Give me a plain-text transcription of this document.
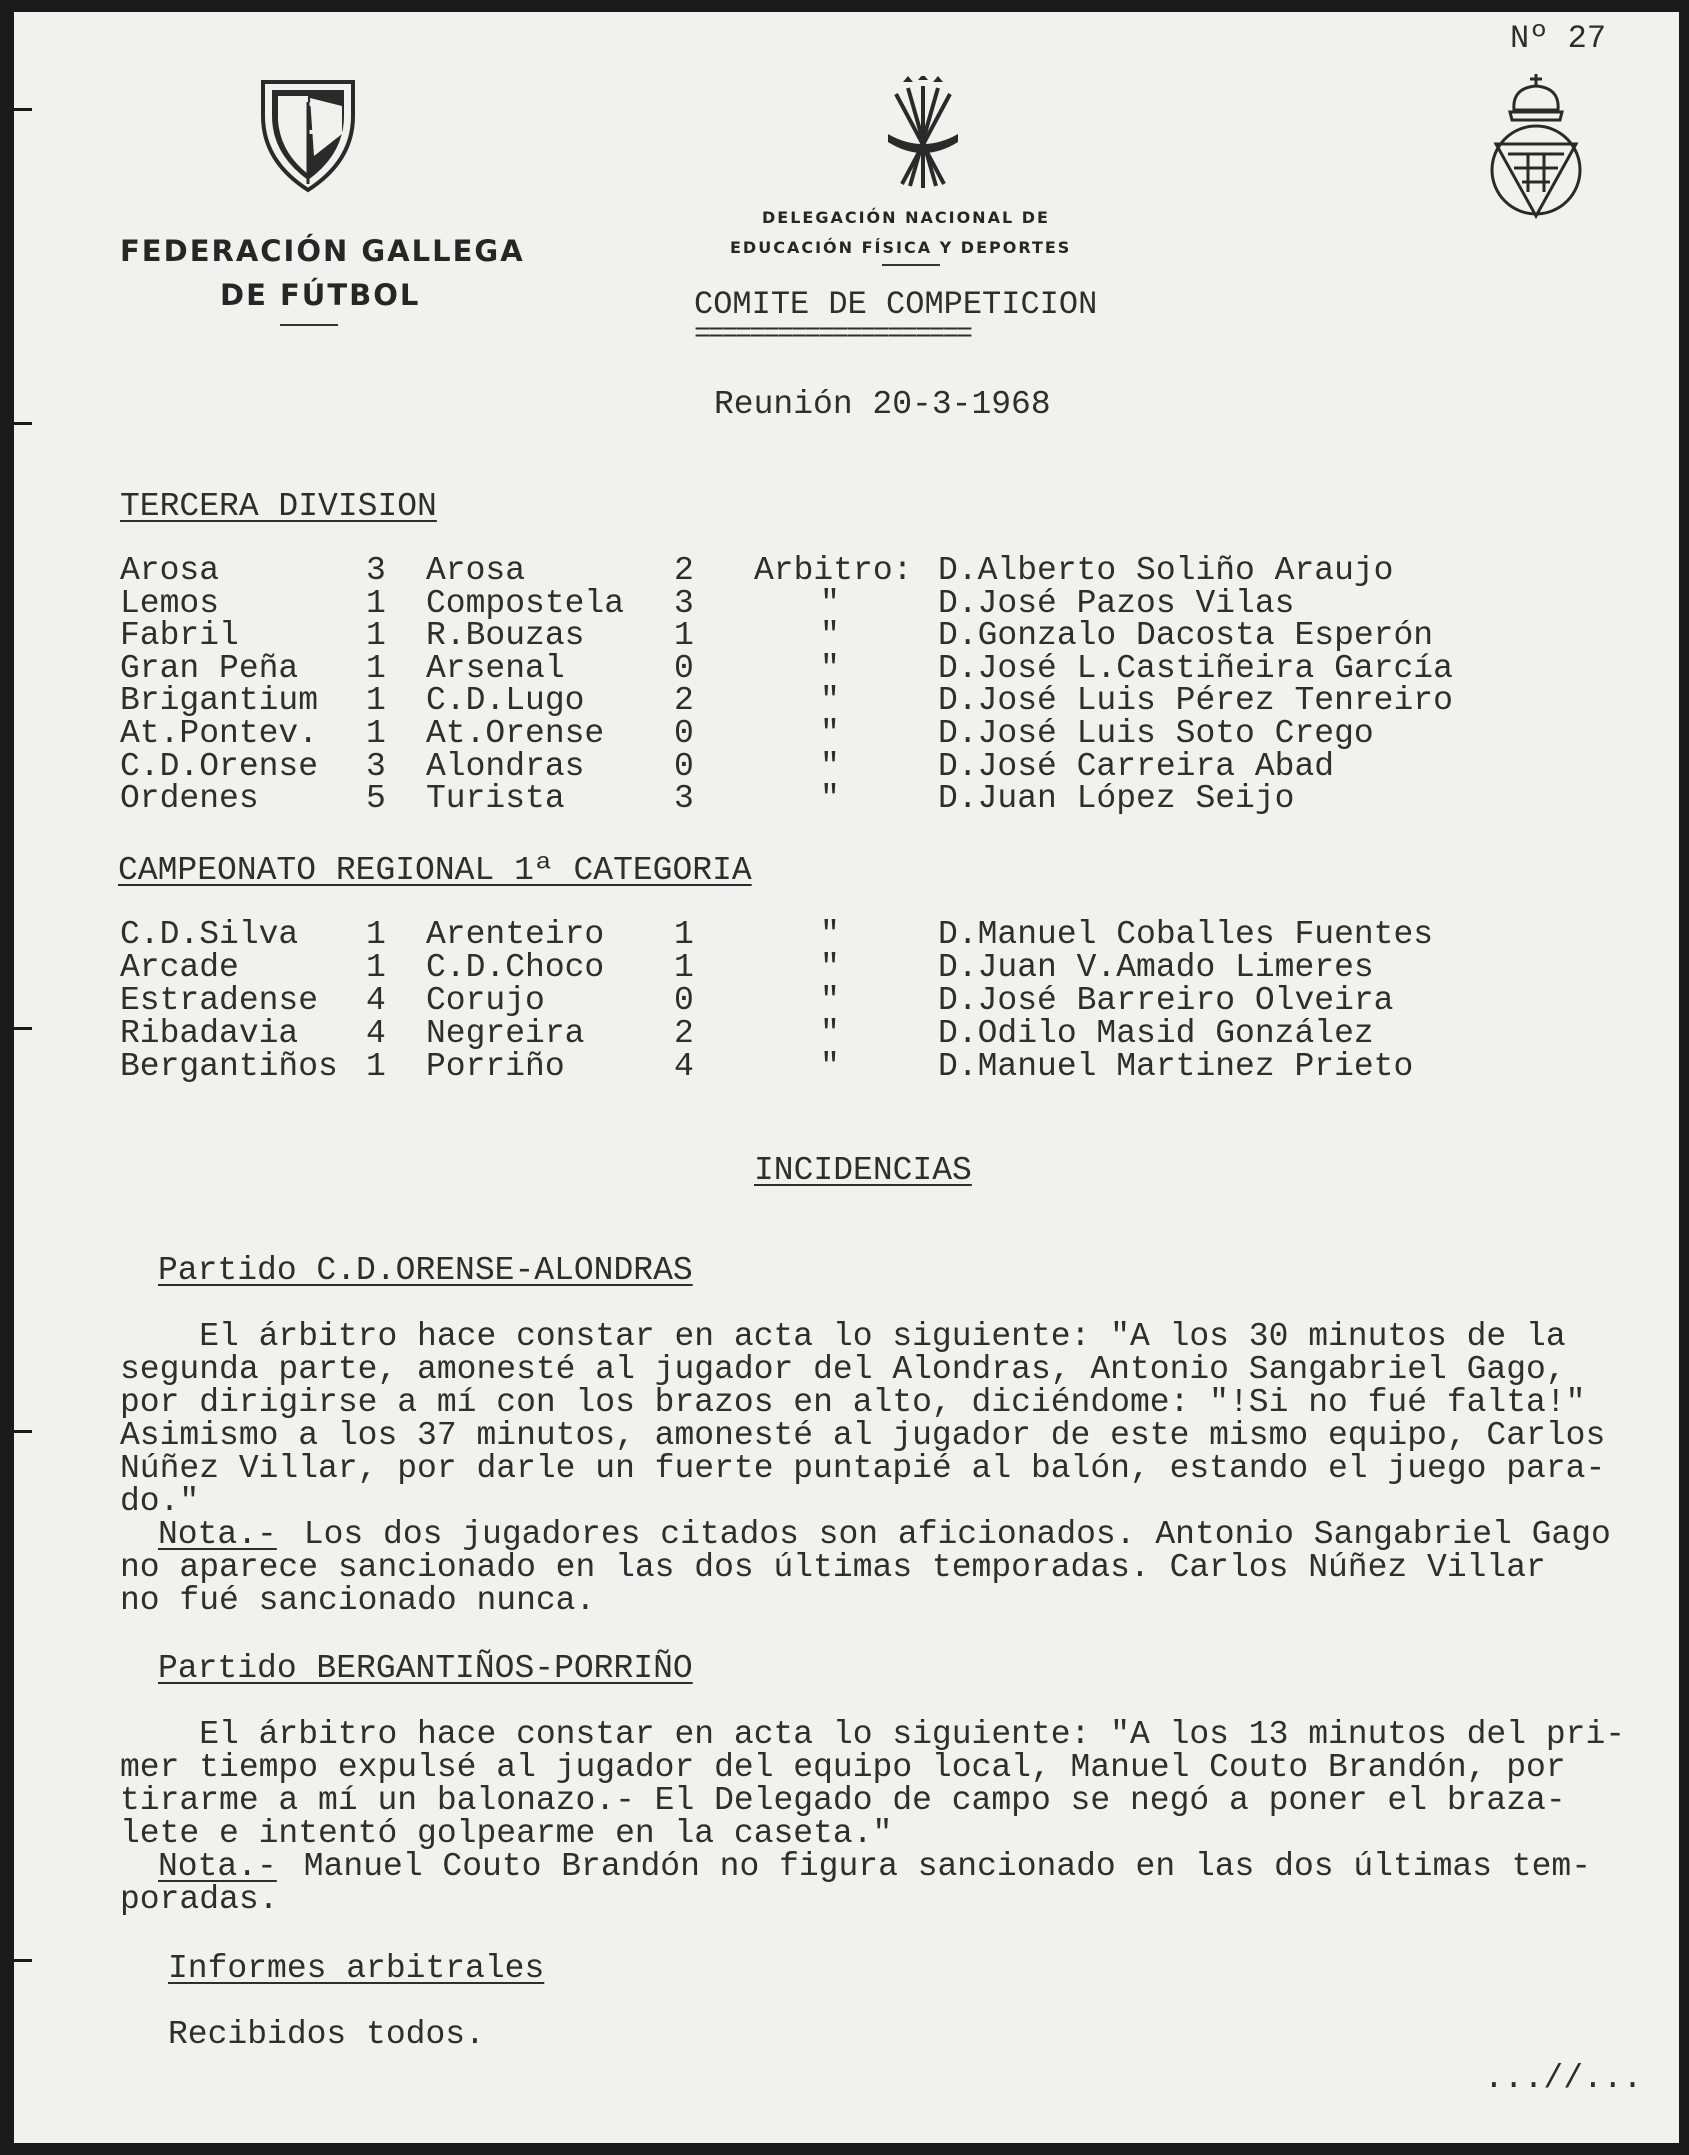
Nº 27
FEDERACIÓN GALLEGA
DE FÚTBOL
DELEGACIÓN NACIONAL DE
EDUCACIÓN FÍSICA Y DEPORTES
COMITE DE COMPETICION
====================
Reunión 20-3-1968
TERCERA DIVISION
Arosa	3 Arosa	2 Arbitro: D.Alberto Soliño Araujo
Lemos	1 Compostela 3	"	D.José Pazos Vilas
Fabril	1 R.Bouzas	1	"	D.Gonzalo Dacosta Esperón
Gran Peña 1 Arsenal	0	"	D.José L.Castiñeira García
Brigantium 1 C.D.Lugo	2	"	D.José Luis Pérez Tenreiro
At.Pontev. 1 At.Orense 0	"	D.José Luis Soto Crego
C.D.Orense 3 Alondras	0	"	D.José Carreira Abad
Ordenes	5 Turista	3	"	D.Juan López Seijo
CAMPEONATO REGIONAL 1ª CATEGORIA
C.D.Silva 1 Arenteiro 1	"	D.Manuel Coballes Fuentes
Arcade	1 C.D.Choco 1	"	D.Juan V.Amado Limeres
Estradense 4 Corujo	0	"	D.José Barreiro Olveira
Ribadavia 4 Negreira	2	"	D.Odilo Masid González
Bergantiños 1 Porriño	4	"	D.Manuel Martinez Prieto
INCIDENCIAS
Partido C.D.ORENSE-ALONDRAS
El árbitro hace constar en acta lo siguiente: "A los 30 minutos de la
segunda parte, amonesté al jugador del Alondras, Antonio Sangabriel Gago,
por dirigirse a mí con los brazos en alto, diciéndome: "!Si no fué falta!"
Asimismo a los 37 minutos, amonesté al jugador de este mismo equipo, Carlos
Núñez Villar, por darle un fuerte puntapié al balón, estando el juego para-
do."
Nota.- Los dos jugadores citados son aficionados. Antonio Sangabriel Gago
no aparece sancionado en las dos últimas temporadas. Carlos Núñez Villar
no fué sancionado nunca.
Partido BERGANTIÑOS-PORRIÑO
El árbitro hace constar en acta lo siguiente: "A los 13 minutos del pri-
mer tiempo expulsé al jugador del equipo local, Manuel Couto Brandón, por
tirarme a mí un balonazo.- El Delegado de campo se negó a poner el braza-
lete e intentó golpearme en la caseta."
Nota.- Manuel Couto Brandón no figura sancionado en las dos últimas tem-
poradas.
Informes arbitrales
Recibidos todos.
...//...
